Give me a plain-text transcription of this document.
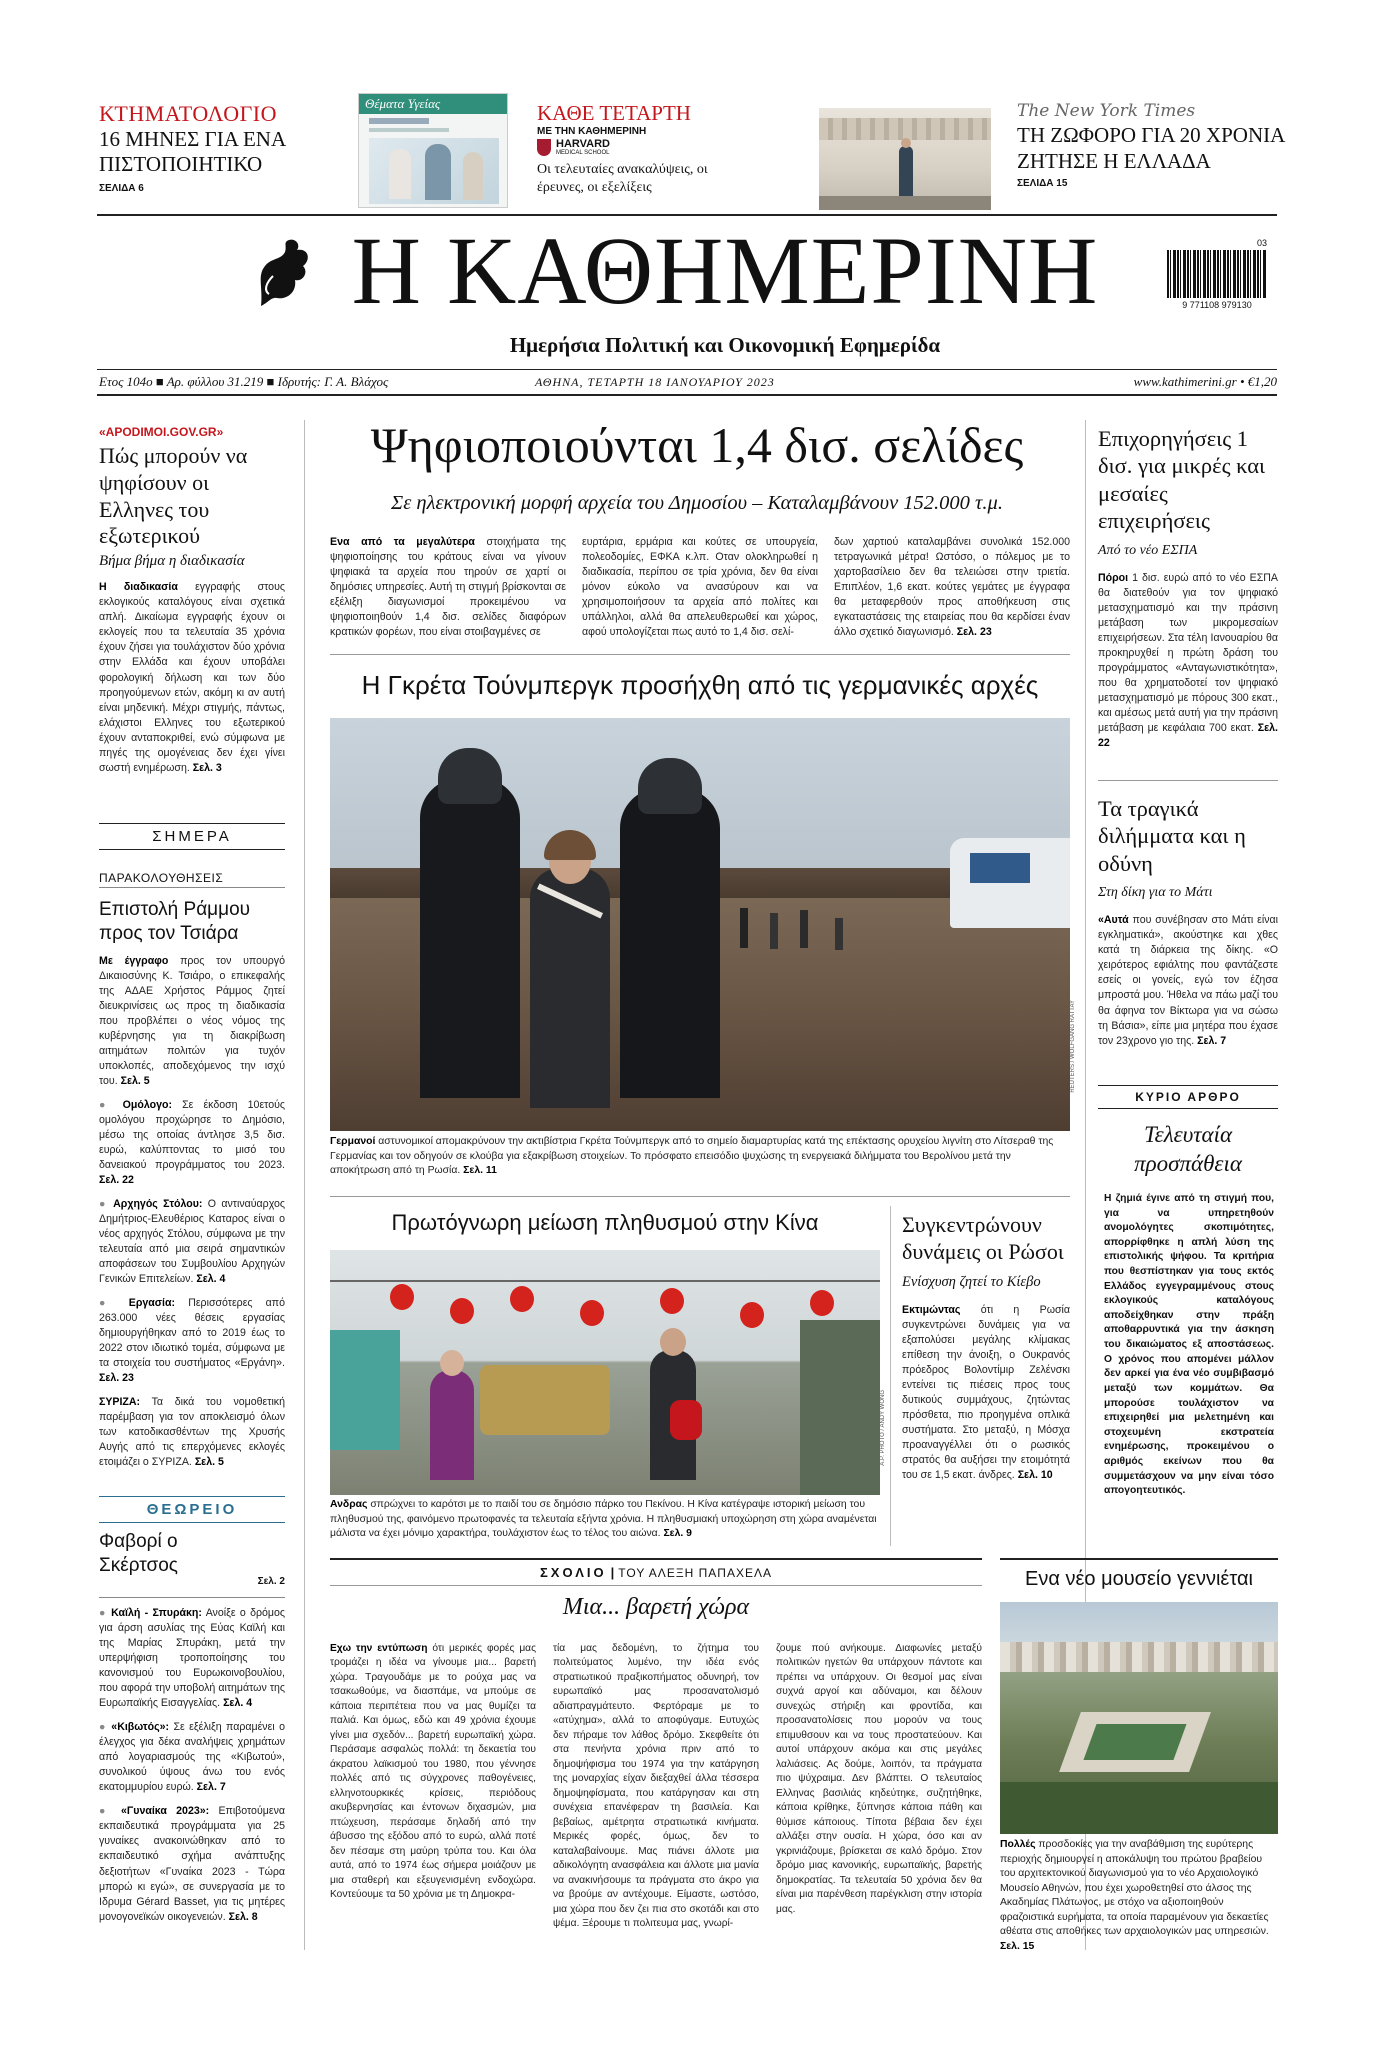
ΚΤΗΜΑΤΟΛΟΓΙΟ
16 ΜΗΝΕΣ ΓΙΑ ΕΝΑ ΠΙΣΤΟΠΟΙΗΤΙΚΟ
ΣΕΛΙΔΑ 6
Θέματα Υγείας	ΚΑΘΕ ΤΕΤΑΡΤΗ
ΜΕ ΤΗΝ ΚΑΘΗΜΕΡΙΝΗ
HARVARD
MEDICAL SCHOOL
Οι τελευταίες ανακαλύψεις, οι έρευνες, οι εξελίξεις
The New York Times
ΤΗ ΖΩΦΟΡΟ ΓΙΑ 20 ΧΡΟΝΙΑ ΖΗΤΗΣΕ Η ΕΛΛΑΔΑ
ΣΕΛΙΔΑ 15
Η ΚΑΘΗΜΕΡΙΝΗ
Ημερήσια Πολιτική και Οικονομική Εφημερίδα
03
9 771108 979130
Ετος 104ο ■ Αρ. φύλλου 31.219 ■ Ιδρυτής: Γ. Α. Βλάχος	ΑΘΗΝΑ, ΤΕΤΑΡΤΗ 18 ΙΑΝΟΥΑΡΙΟΥ 2023	www.kathimerini.gr • €1,20
«APODIMOI.GOV.GR»
Πώς μπορούν να ψηφίσουν οι Ελληνες του εξωτερικού
Βήμα βήμα η διαδικασία
Η διαδικασία εγγραφής στους εκλογικούς καταλόγους είναι σχετικά απλή. Δικαίωμα εγγραφής έχουν οι εκλογείς που τα τελευταία 35 χρόνια έχουν ζήσει για τουλάχιστον δύο χρόνια στην Ελλάδα και έχουν υποβάλει φορολογική δήλωση και των δύο προηγούμενων ετών, ακόμη κι αν αυτή είναι μηδενική. Μέχρι στιγμής, πάντως, ελάχιστοι Ελληνες του εξωτερικού έχουν ανταποκριθεί, ενώ σύμφωνα με πηγές της ομογένειας δεν έχει γίνει σωστή ενημέρωση. Σελ. 3
ΣΗΜΕΡΑ
ΠΑΡΑΚΟΛΟΥΘΗΣΕΙΣ
Επιστολή Ράμμου προς τον Τσιάρα
Με έγγραφο προς τον υπουργό Δικαιοσύνης Κ. Τσιάρο, ο επικεφαλής της ΑΔΑΕ Χρήστος Ράμμος ζητεί διευκρινίσεις ως προς τη διαδικασία που προβλέπει ο νέος νόμος της κυβέρνησης για τη διακρίβωση αιτημάτων πολιτών για τυχόν υποκλοπές, αποδεχόμενος την ισχύ του. Σελ. 5
● Ομόλογο: Σε έκδοση 10ετούς ομολόγου προχώρησε το Δημόσιο, μέσω της οποίας άντλησε 3,5 δισ. ευρώ, καλύπτοντας το μισό του δανειακού προγράμματος του 2023. Σελ. 22
● Αρχηγός Στόλου: Ο αντιναύαρχος Δημήτριος-Ελευθέριος Καταρος είναι ο νέος αρχηγός Στόλου, σύμφωνα με την τελευταία από μια σειρά σημαντικών αποφάσεων του Συμβουλίου Αρχηγών Γενικών Επιτελείων. Σελ. 4
● Εργασία: Περισσότερες από 263.000 νέες θέσεις εργασίας δημιουργήθηκαν από το 2019 έως το 2022 στον ιδιωτικό τομέα, σύμφωνα με τα στοιχεία του συστήματος «Εργάνη». Σελ. 23
ΣΥΡΙΖΑ: Τα δικά του νομοθετική παρέμβαση για τον αποκλεισμό όλων των κατοδικασθέντων της Χρυσής Αυγής από τις επερχόμενες εκλογές ετοιμάζει ο ΣΥΡΙΖΑ. Σελ. 5
ΘΕΩΡΕΙΟ
Φαβορί ο Σκέρτσος
Σελ. 2
● Καϊλή - Σπυράκη: Ανοίξε ο δρόμος για άρση ασυλίας της Εύας Καϊλή και της Μαρίας Σπυράκη, μετά την υπερψήφιση τροποποίησης του κανονισμού του Ευρωκοινοβουλίου, που αφορά την υποβολή αιτημάτων της Ευρωπαϊκής Εισαγγελίας. Σελ. 4
● «Κιβωτός»: Σε εξέλιξη παραμένει ο έλεγχος για δέκα αναλήψεις χρημάτων από λογαριασμούς της «Κιβωτού», συνολικού ύψους άνω του ενός εκατομμυρίου ευρώ. Σελ. 7
● «Γυναίκα 2023»: Επιβοτούμενα εκπαιδευτικά προγράμματα για 25 γυναίκες ανακοινώθηκαν από το εκπαιδευτικό σχήμα ανάπτυξης δεξιοτήτων «Γυναίκα 2023 - Τώρα μπορώ κι εγώ», σε συνεργασία με το Ιδρυμα Gérard Basset, για τις μητέρες μονογονεϊκών οικογενειών. Σελ. 8
Ψηφιοποιούνται 1,4 δισ. σελίδες
Σε ηλεκτρονική μορφή αρχεία του Δημοσίου – Καταλαμβάνουν 152.000 τ.μ.
Ενα από τα μεγαλύτερα στοιχήματα της ψηφιοποίησης του κράτους είναι να γίνουν ψηφιακά τα αρχεία που τηρούν σε χαρτί οι δημόσιες υπηρεσίες. Αυτή τη στιγμή βρίσκονται σε εξέλιξη διαγωνισμοί προκειμένου να ψηφιοποιηθούν 1,4 δισ. σελίδες διαφόρων κρατικών φορέων, που είναι στοιβαγμένες σε
ευρτάρια, ερμάρια και κούτες σε υπουργεία, πολεοδομίες, ΕΦΚΑ κ.λπ. Οταν ολοκληρωθεί η διαδικασία, περίπου σε τρία χρόνια, δεν θα είναι μόνον εύκολο να ανασύρουν και να χρησιμοποιήσουν τα αρχεία από πολίτες και υπάλληλοι, αλλά θα απελευθερωθεί και χώρος, αφού υπολογίζεται πως αυτό το 1,4 δισ. σελί-
δων χαρτιού καταλαμβάνει συνολικά 152.000 τετραγωνικά μέτρα! Ωστόσο, ο πόλεμος με το χαρτοβασίλειο δεν θα τελειώσει στην τριετία. Επιπλέον, 1,6 εκατ. κούτες γεμάτες με έγγραφα θα μεταφερθούν προς αποθήκευση στις εγκαταστάσεις της εταιρείας που θα κερδίσει έναν άλλο σχετικό διαγωνισμό. Σελ. 23
Η Γκρέτα Τούνμπεργκ προσήχθη από τις γερμανικές αρχές
REUTERS / WOLFGANG RATTAY
Γερμανοί αστυνομικοί απομακρύνουν την ακτιβίστρια Γκρέτα Τούνμπεργκ από το σημείο διαμαρτυρίας κατά της επέκτασης ορυχείου λιγνίτη στο Λίτσεραθ της Γερμανίας και τον οδηγούν σε κλούβα για εξακρίβωση στοιχείων. Το πρόσφατο επεισόδιο ψυχώσης τη ενεργειακά διλήμματα του Βερολίνου μετά την αποκήτρωση από τη Ρωσία. Σελ. 11
Πρωτόγνωρη μείωση πληθυσμού στην Κίνα
A.P. PHOTO / ANDY WONG
Ανδρας σπρώχνει το καρότσι με το παιδί του σε δημόσιο πάρκο του Πεκίνου. Η Κίνα κατέγραψε ιστορική μείωση του πληθυσμού της, φαινόμενο πρωτοφανές τα τελευταία εξήντα χρόνια. Η πληθυσμιακή υποχώρηση στη χώρα αναμένεται μάλιστα να έχει μόνιμο χαρακτήρα, τουλάχιστον έως το τέλος του αιώνα. Σελ. 9
Συγκεντρώνουν δυνάμεις οι Ρώσοι
Ενίσχυση ζητεί το Κίεβο
Εκτιμώντας ότι η Ρωσία συγκεντρώνει δυνάμεις για να εξαπολύσει μεγάλης κλίμακας επίθεση την άνοιξη, ο Ουκρανός πρόεδρος Βολοντίμιρ Ζελένσκι εντείνει τις πιέσεις προς τους δυτικούς συμμάχους, ζητώντας πρόσθετα, πιο προηγμένα οπλικά συστήματα. Στο μεταξύ, η Μόσχα προαναγγέλλει ότι ο ρωσικός στρατός θα αυξήσει την ετοιμότητά του σε 1,5 εκατ. άνδρες. Σελ. 10
ΣΧΟΛΙΟ | ΤΟΥ ΑΛΕΞΗ ΠΑΠΑΧΕΛΑ
Μια... βαρετή χώρα
Εχω την εντύπωση ότι μερικές φορές μας τρομάζει η ιδέα να γίνουμε μια... βαρετή χώρα. Τραγουδάμε με το ρούχα μας να τσακωθούμε, να διασπάμε, να μπούμε σε κάποια περιπέτεια που να μας θυμίζει τα παλιά. Και όμως, εδώ και 49 χρόνια έχουμε γίνει μια σχεδόν... βαρετή ευρωπαϊκή χώρα. Περάσαμε ασφαλώς πολλά: τη δεκαετία του άκρατου λαϊκισμού του 1980, που γέννησε πολλές από τις σύγχρονες παθογένειες, ελληνοτουρκικές κρίσεις, περιόδους ακυβερνησίας και έντονων διχασμών, μια πτώχευση, περάσαμε δηλαδή από την άβυσσο της εξόδου από το ευρώ, αλλά ποτέ δεν πέσαμε στη μαύρη τρύπα του. Και όλα αυτά, από το 1974 έως σήμερα μοιάζουν με μια σταθερή και εξευγενισμένη ενδοχώρα. Κοντεύουμε τα 50 χρόνια με τη Δημοκρα-
τία μας δεδομένη, το ζήτημα του πολιτεύματος λυμένο, την ιδέα ενός στρατιωτικού πραξικοπήματος οδυνηρή, τον ευρωπαϊκό μας προσανατολισμό αδιαπραγμάτευτο. Φερτόραμε με το «ατύχημα», αλλά το αποφύγαμε. Ευτυχώς δεν πήραμε τον λάθος δρόμο. Σκεφθείτε ότι στα πενήντα χρόνια πριν από το δημοψήφισμα του 1974 για την κατάργηση της μοναρχίας είχαν διεξαχθεί άλλα τέσσερα δημοψηφίσματα, που κατάργησαν και στη συνέχεια επανέφεραν τη βασιλεία. Και βεβαίως, αμέτρητα στρατιωτικά κινήματα. Μερικές φορές, όμως, δεν το καταλαβαίνουμε. Μας πιάνει άλλοτε μια αδικολόγητη ανασφάλεια και άλλοτε μια μανία να ανακινήσουμε τα πράγματα στο άκρο για να βρούμε αν αντέχουμε. Είμαστε, ωστόσο, μια χώρα που δεν ζει πια στο σκοτάδι και στο ψέμα. Ξέρουμε τι πολιτευμα μας, γνωρί-
ζουμε πού ανήκουμε. Διαφωνίες μεταξύ πολιτικών ηγετών θα υπάρχουν πάντοτε και πρέπει να υπάρχουν. Οι θεσμοί μας είναι συχνά αργοί και αδύναμοι, και δέλουν συνεχώς στήριξη και φροντίδα, και προσανατολίσεις που μορούν να τους επιμυθσουν και να τους προστατεύουν. Και αυτοί υπάρχουν ακόμα και στις μεγάλες λαλιάσεις. Ας δούμε, λοιπόν, τα πράγματα πιο ψύχραιμα. Δεν βλάπτει. Ο τελευταίος Ελληνας βασιλιάς κηδεύτηκε, συζητήθηκε, κάποια κρίθηκε, ξύπνησε κάποια πάθη και θύμισε κάποιους. Τίποτα βέβαια δεν έχει αλλάξει στην ουσία. Η χώρα, όσο και αν γκρινιάζουμε, βρίσκεται σε καλό δρόμο. Στον δρόμο μιας κανονικής, ευρωπαϊκής, βαρετής δημοκρατίας. Τα τελευταία 50 χρόνια δεν θα είναι μια παρένθεση παρέγκλιση στην ιστορία μας.
Επιχορηγήσεις 1 δισ. για μικρές και μεσαίες επιχειρήσεις
Από το νέο ΕΣΠΑ
Πόροι 1 δισ. ευρώ από το νέο ΕΣΠΑ θα διατεθούν για τον ψηφιακό μετασχηματισμό και την πράσινη μετάβαση των μικρομεσαίων επιχειρήσεων. Στα τέλη Ιανουαρίου θα προκηρυχθεί η πρώτη δράση του προγράμματος «Ανταγωνιστικότητα», που θα χρηματοδοτεί τον ψηφιακό μετασχηματισμό με πόρους 300 εκατ., και αμέσως μετά αυτή για την πράσινη μετάβαση με κεφάλαια 700 εκατ. Σελ. 22
Τα τραγικά διλήμματα και η οδύνη
Στη δίκη για το Μάτι
«Αυτά που συνέβησαν στο Μάτι είναι εγκληματικά», ακούστηκε και χθες κατά τη διάρκεια της δίκης. «Ο χειρότερος εφιάλτης που φαντάζεστε εσείς οι γονείς, εγώ τον έζησα μπροστά μου. Ήθελα να πάω μαζί του θα άφηνα τον Βίκτωρα για να σώσω τη Βάσια», είπε μια μητέρα που έχασε τον 23χρονο γιο της. Σελ. 7
ΚΥΡΙΟ ΑΡΘΡΟ
Τελευταία προσπάθεια
Η ζημιά έγινε από τη στιγμή που, για να υπηρετηθούν ανομολόγητες σκοπιμότητες, απορρίφθηκε η απλή λύση της επιστολικής ψήφου. Τα κριτήρια που θεσπίστηκαν για τους εκτός Ελλάδος εγγεγραμμένους στους εκλογικούς καταλόγους αποδείχθηκαν στην πράξη αποθαρρυντικά για την άσκηση του δικαιώματος εξ αποστάσεως. Ο χρόνος που απομένει μάλλον δεν αρκεί για ένα νέο συμβιβασμό μεταξύ των κομμάτων. Θα μπορούσε τουλάχιστον να επιχειρηθεί μια μελετημένη και στοχευμένη εκστρατεία ενημέρωσης, προκειμένου ο αριθμός εκείνων που θα συμμετάσχουν να μην είναι τόσο απογοητευτικός.
Ενα νέο μουσείο γεννιέται
Πολλές προσδοκίες για την αναβάθμιση της ευρύτερης περιοχής δημιουργεί η αποκάλυψη του πρώτου βραβείου του αρχιτεκτονικού διαγωνισμού για το νέο Αρχαιολογικό Μουσείο Αθηνών, που έχει χωροθετηθεί στο άλσος της Ακαδημίας Πλάτωνος, με στόχο να αξιοποιηθούν φραζοιστικά ευρήματα, τα οποία παραμένουν για δεκαετίες αθέατα στις αποθήκες των αρχαιολογικών μας υπηρεσιών. Σελ. 15
